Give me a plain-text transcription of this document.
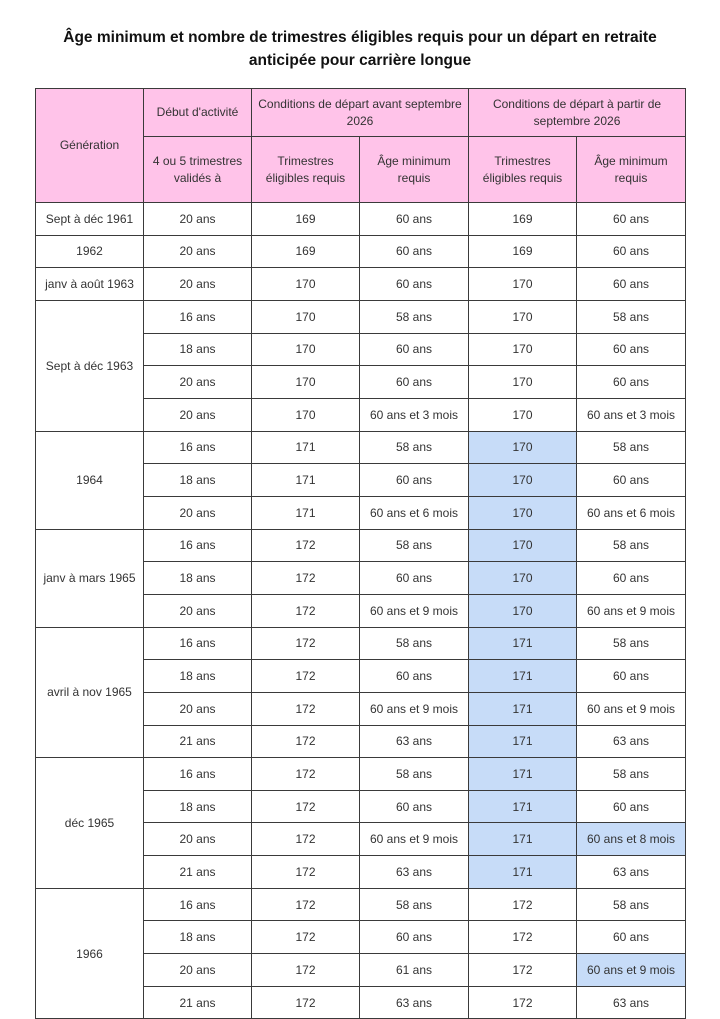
Âge minimum et nombre de trimestres éligibles requis pour un départ en retraite anticipée pour carrière longue
Génération	Début d'activité	Conditions de départ avant septembre 2026		Conditions de départ à partir de septembre 2026	
	4 ou 5 trimestres validés à	Trimestres éligibles requis	Âge minimum requis	Trimestres éligibles requis	Âge minimum requis
Sept à déc 1961	20 ans	169	60 ans	169	60 ans
1962	20 ans	169	60 ans	169	60 ans
janv à août 1963	20 ans	170	60 ans	170	60 ans
Sept à déc 1963	16 ans	170	58 ans	170	58 ans
	18 ans	170	60 ans	170	60 ans
	20 ans	170	60 ans	170	60 ans
	20 ans	170	60 ans et 3 mois	170	60 ans et 3 mois
1964	16 ans	171	58 ans	170	58 ans
	18 ans	171	60 ans	170	60 ans
	20 ans	171	60 ans et 6 mois	170	60 ans et 6 mois
janv à mars 1965	16 ans	172	58 ans	170	58 ans
	18 ans	172	60 ans	170	60 ans
	20 ans	172	60 ans et 9 mois	170	60 ans et 9 mois
avril à nov 1965	16 ans	172	58 ans	171	58 ans
	18 ans	172	60 ans	171	60 ans
	20 ans	172	60 ans et 9 mois	171	60 ans et 9 mois
	21 ans	172	63 ans	171	63 ans
déc 1965	16 ans	172	58 ans	171	58 ans
	18 ans	172	60 ans	171	60 ans
	20 ans	172	60 ans et 9 mois	171	60 ans et 8 mois
	21 ans	172	63 ans	171	63 ans
1966	16 ans	172	58 ans	172	58 ans
	18 ans	172	60 ans	172	60 ans
	20 ans	172	61 ans	172	60 ans et 9 mois
	21 ans	172	63 ans	172	63 ans
